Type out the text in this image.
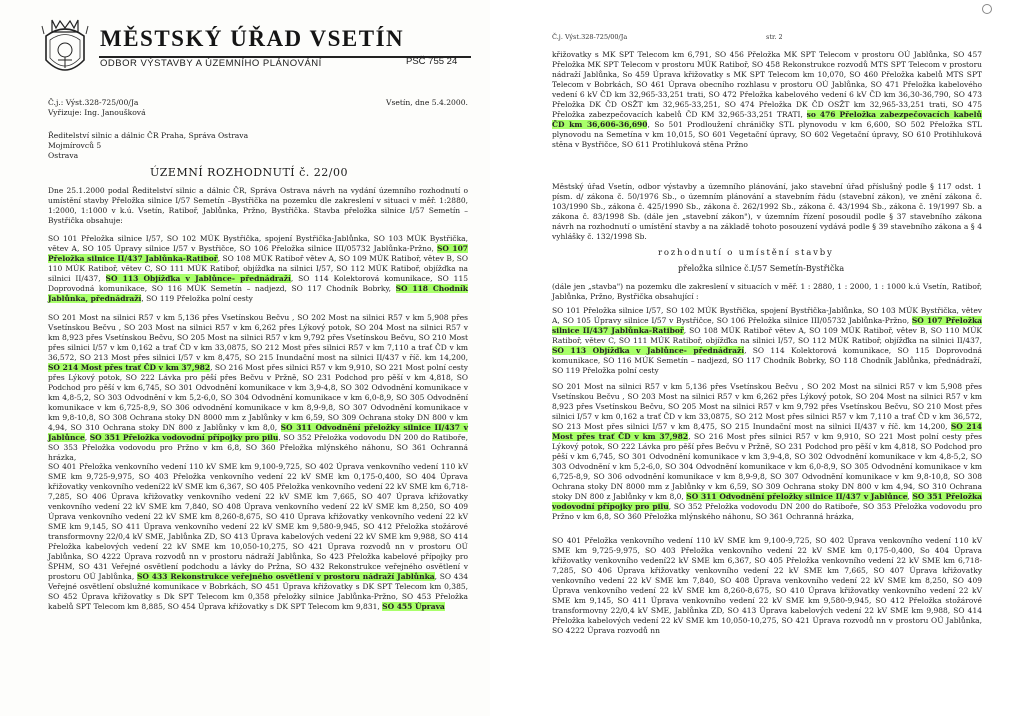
MĚSTSKÝ ÚŘAD VSETÍN
ODBOR VÝSTAVBY A ÚZEMNÍHO PLÁNOVÁNÍ	PSČ 755 24
Č.j.: Výst.328-725/00/Ja
Vyřizuje: Ing. Janoušková
Vsetín, dne 5.4.2000.
Ředitelství silnic a dálnic ČR Praha, Správa Ostrava
Mojmírovců 5
Ostrava
ÚZEMNÍ ROZHODNUTÍ č. 22/00
Dne 25.1.2000 podal Ředitelství silnic a dálnic ČR, Správa Ostrava návrh na vydání územního rozhodnutí o umístění stavby Přeložka silnice I/57 Semetín –Bystřička na pozemku dle zakreslení v situaci v měř. 1:2880, 1:2000, 1:1000 v k.ú. Vsetín, Ratiboř, Jablůnka, Pržno, Bystřička. Stavba přeložka silnice I/57 Semetín – Bystřička obsahuje:
SO 101 Přeložka silnice I/57, SO 102 MÚK Bystřička, spojení Bystřička-Jablůnka, SO 103 MÚK Bystřička, větev A, SO 105 Úpravy silnice I/57 v Bystřičce, SO 106 Přeložka silnice III/05732 Jablůnka-Pržno, SO 107 Přeložka silnice II/437 Jablůnka-Ratiboř, SO 108 MÚK Ratiboř větev A, SO 109 MÚK Ratiboř, větev B, SO 110 MÚK Ratiboř, větev C, SO 111 MÚK Ratiboř, objížďka na silnici I/57, SO 112 MÚK Ratiboř, objížďka na silnici II/437, SO 113 Objížďka v Jablůnce- přednádraží, SO 114 Kolektorová komunikace, SO 115 Doprovodná komunikace, SO 116 MÚK Semetín – nadjezd, SO 117 Chodník Bobrky, SO 118 Chodník Jablůnka, přednádraží, SO 119 Přeložka polní cesty
SO 201 Most na silnici R57 v km 5,136 přes Vsetínskou Bečvu , SO 202 Most na silnici R57 v km 5,908 přes Vsetínskou Bečvu , SO 203 Most na silnici R57 v km 6,262 přes Lýkový potok, SO 204 Most na silnici R57 v km 8,923 přes Vsetínskou Bečvu, SO 205 Most na silnici R57 v km 9,792 přes Vsetínskou Bečvu, SO 210 Most přes silnici I/57 v km 0,162 a trať ČD v km 33,0875, SO 212 Most přes silnici R57 v km 7,110 a trať ČD v km 36,572, SO 213 Most přes silnici I/57 v km 8,475, SO 215 Inundační most na silnici II/437 v říč. km 14,200, SO 214 Most přes trať ČD v km 37,982, SO 216 Most přes silnici R57 v km 9,910, SO 221 Most polní cesty přes Lýkový potok, SO 222 Lávka pro pěší přes Bečvu v Pržně, SO 231 Podchod pro pěší v km 4,818, SO Podchod pro pěší v km 6,745, SO 301 Odvodnění komunikace v km 3,9-4,8, SO 302 Odvodnění komunikace v km 4,8-5,2, SO 303 Odvodnění v km 5,2-6,0, SO 304 Odvodnění komunikace v km 6,0-8,9, SO 305 Odvodnění komunikace v km 6,725-8,9, SO 306 odvodnění komunikace v km 8,9-9,8, SO 307 Odvodnění komunikace v km 9,8-10,8, SO 308 Ochrana stoky DN 8000 mm z Jablůnky v km 6,59, SO 309 Ochrana stoky DN 800 v km 4,94, SO 310 Ochrana stoky DN 800 z Jablůnky v km 8,0, SO 311 Odvodnění přeložky silnice II/437 v Jablůnce, SO 351 Přeložka vodovodní přípojky pro pilu, SO 352 Přeložka vodovodu DN 200 do Ratiboře, SO 353 Přeložka vodovodu pro Pržno v km 6,8, SO 360 Přeložka mlýnského náhonu, SO 361 Ochranná hrázka,
SO 401 Přeložka venkovního vedení 110 kV SME km 9,100-9,725, SO 402 Úprava venkovního vedení 110 kV SME km 9,725-9,975, SO 403 Přeložka venkovního vedení 22 kV SME km 0,175-0,400, SO 404 Úprava křižovatky venkovního vedení22 kV SME km 6,367, SO 405 Přeložka venkovního vedení 22 kV SME km 6,718-7,285, SO 406 Úprava křižovatky venkovního vedení 22 kV SME km 7,665, SO 407 Úprava křižovatky venkovního vedení 22 kV SME km 7,840, SO 408 Úprava venkovního vedení 22 kV SME km 8,250, SO 409 Úprava venkovního vedení 22 kV SME km 8,260-8,675, SO 410 Úprava křižovatky venkovního vedení 22 kV SME km 9,145, SO 411 Úprava venkovního vedení 22 kV SME km 9,580-9,945, SO 412 Přeložka stožárové transformovny 22/0,4 kV SME, Jablůnka ZD, SO 413 Úprava kabelových vedení 22 kV SME km 9,988, SO 414 Přeložka kabelových vedení 22 kV SME km 10,050-10,275, SO 421 Úprava rozvodů nn v prostoru OÚ Jablůnka, SO 4222 Úprava rozvodů nn v prostoru nádraží Jablůnka, So 423 Přeložka kabelové přípojky pro ŠPHM, SO 431 Veřejné osvětlení podchodu a lávky do Pržna, SO 432 Rekonstrukce veřejného osvětlení v prostoru OÚ Jablůnka, SO 433 Rekonstrukce veřejného osvětlení v prostoru nádraží Jablůnka, SO 434 Veřejné osvětlení obslužné komunikace v Bobrkách, SO 451 Úprava křižovatky s DK SPT Telecom km 0,385, SO 452 Úprava křižovatky s Dk SPT Telecom km 0,358 přeložky silnice Jablůnka-Pržno, SO 453 Přeložka kabelů SPT Telecom km 8,885, SO 454 Úprava křižovatky s DK SPT Telecom km 9,831, SO 455 Úprava
Č.j. Výst.328-725/00/Ja	str. 2
křižovatky s MK SPT Telecom km 6,791, SO 456 Přeložka MK SPT Telecom v prostoru OÚ Jablůnka, SO 457 Přeložka MK SPT Telecom v prostoru MÚK Ratiboř, SO 458 Rekonstrukce rozvodů MTS SPT Telecom v prostoru nádraží Jablůnka, So 459 Úprava křižovatky s MK SPT Telecom km 10,070, SO 460 Přeložka kabelů MTS SPT Telecom v Bobrkách, SO 461 Úprava obecního rozhlasu v prostoru OÚ Jablůnka, SO 471 Přeložka kabelového vedení 6 kV ČD km 32,965-33,251 trati, SO 472 Přeložka kabelového vedení 6 kV ČD km 36,30-36,790, SO 473 Přeložka DK ČD OSŽT km 32,965-33,251, SO 474 Přeložka DK ČD OSŽT km 32,965-33,251 trati, SO 475 Přeložka zabezpečovacích kabelů ČD KM 32,965-33,251 TRATI, so 476 Přeložka zabezpečovacích kabelů ČD km 36,606-36,690, So 501 Prodloužení chráničky STL plynovodu v km 6,600, SO 502 Přeložka STL plynovodu na Semetína v km 10,015, SO 601 Vegetační úpravy, SO 602 Vegetační úpravy, SO 610 Protihluková stěna v Bystřičce, SO 611 Protihluková stěna Pržno
Městský úřad Vsetín, odbor výstavby a územního plánování, jako stavební úřad příslušný podle § 117 odst. 1 písm. d/ zákona č. 50/1976 Sb., o územním plánování a stavebním řádu (stavební zákon), ve znění zákona č. 103/1990 Sb., zákona č. 425/1990 Sb., zákona č. 262/1992 Sb., zákona č. 43/1994 Sb., zákona č. 19/1997 Sb. a zákona č. 83/1998 Sb. (dále jen „stavební zákon"), v územním řízení posoudil podle § 37 stavebního zákona návrh na rozhodnutí o umístění stavby a na základě tohoto posouzení vydává podle § 39 stavebního zákona a § 4 vyhlášky č. 132/1998 Sb.
rozhodnutí o umístění stavby
přeložka silnice č.I/57 Semetín-Bystřička
(dále jen „stavba") na pozemku dle zakreslení v situacích v měř. 1 : 2880, 1 : 2000, 1 : 1000 k.ú Vsetín, Ratiboř, Jablůnka, Pržno, Bystřička obsahující :
SO 101 Přeložka silnice I/57, SO 102 MÚK Bystřička, spojení Bystřička-Jablůnka, SO 103 MÚK Bystřička, větev A, SO 105 Úpravy silnice I/57 v Bystřičce, SO 106 Přeložka silnice III/05732 Jablůnka-Pržno, SO 107 Přeložka silnice II/437 Jablůnka-Ratiboř, SO 108 MÚK Ratiboř větev A, SO 109 MÚK Ratiboř, větev B, SO 110 MÚK Ratiboř, větev C, SO 111 MÚK Ratiboř, objížďka na silnici I/57, SO 112 MÚK Ratiboř, objížďka na silnici II/437, SO 113 Objížďka v Jablůnce- přednádraží, SO 114 Kolektorová komunikace, SO 115 Doprovodná komunikace, SO 116 MÚK Semetín – nadjezd, SO 117 Chodník Bobrky, SO 118 Chodník Jablůnka, přednádraží, SO 119 Přeložka polní cesty
SO 201 Most na silnici R57 v km 5,136 přes Vsetínskou Bečvu , SO 202 Most na silnici R57 v km 5,908 přes Vsetínskou Bečvu , SO 203 Most na silnici R57 v km 6,262 přes Lýkový potok, SO 204 Most na silnici R57 v km 8,923 přes Vsetínskou Bečvu, SO 205 Most na silnici R57 v km 9,792 přes Vsetínskou Bečvu, SO 210 Most přes silnici I/57 v km 0,162 a trať ČD v km 33,0875, SO 212 Most přes silnici R57 v km 7,110 a trať ČD v km 36,572, SO 213 Most přes silnici I/57 v km 8,475, SO 215 Inundační most na silnici II/437 v říč. km 14,200, SO 214 Most přes trať ČD v km 37,982, SO 216 Most přes silnici R57 v km 9,910, SO 221 Most polní cesty přes Lýkový potok, SO 222 Lávka pro pěší přes Bečvu v Pržně, SO 231 Podchod pro pěší v km 4,818, SO Podchod pro pěší v km 6,745, SO 301 Odvodnění komunikace v km 3,9-4,8, SO 302 Odvodnění komunikace v km 4,8-5,2, SO 303 Odvodnění v km 5,2-6,0, SO 304 Odvodnění komunikace v km 6,0-8,9, SO 305 Odvodnění komunikace v km 6,725-8,9, SO 306 odvodnění komunikace v km 8,9-9,8, SO 307 Odvodnění komunikace v km 9,8-10,8, SO 308 Ochrana stoky DN 8000 mm z Jablůnky v km 6,59, SO 309 Ochrana stoky DN 800 v km 4,94, SO 310 Ochrana stoky DN 800 z Jablůnky v km 8,0, SO 311 Odvodnění přeložky silnice II/437 v Jablůnce, SO 351 Přeložka vodovodní přípojky pro pilu, SO 352 Přeložka vodovodu DN 200 do Ratiboře, SO 353 Přeložka vodovodu pro Pržno v km 6,8, SO 360 Přeložka mlýnského náhonu, SO 361 Ochranná hrázka,
SO 401 Přeložka venkovního vedení 110 kV SME km 9,100-9,725, SO 402 Úprava venkovního vedení 110 kV SME km 9,725-9,975, SO 403 Přeložka venkovního vedení 22 kV SME km 0,175-0,400, So 404 Úprava křižovatky venkovního vedení22 kV SME km 6,367, SO 405 Přeložka venkovního vedení 22 kV SME km 6,718-7,285, SO 406 Úprava křižovatky venkovního vedení 22 kV SME km 7,665, SO 407 Úprava křižovatky venkovního vedení 22 kV SME km 7,840, SO 408 Úprava venkovního vedení 22 kV SME km 8,250, SO 409 Úprava venkovního vedení 22 kV SME km 8,260-8,675, SO 410 Úprava křižovatky venkovního vedení 22 kV SME km 9,145, SO 411 Úprava venkovního vedení 22 kV SME km 9,580-9,945, SO 412 Přeložka stožárové transformovny 22/0,4 kV SME, Jablůnka ZD, SO 413 Úprava kabelových vedení 22 kV SME km 9,988, SO 414 Přeložka kabelových vedení 22 kV SME km 10,050-10,275, SO 421 Úprava rozvodů nn v prostoru OÚ Jablůnka, SO 4222 Úprava rozvodů nn
